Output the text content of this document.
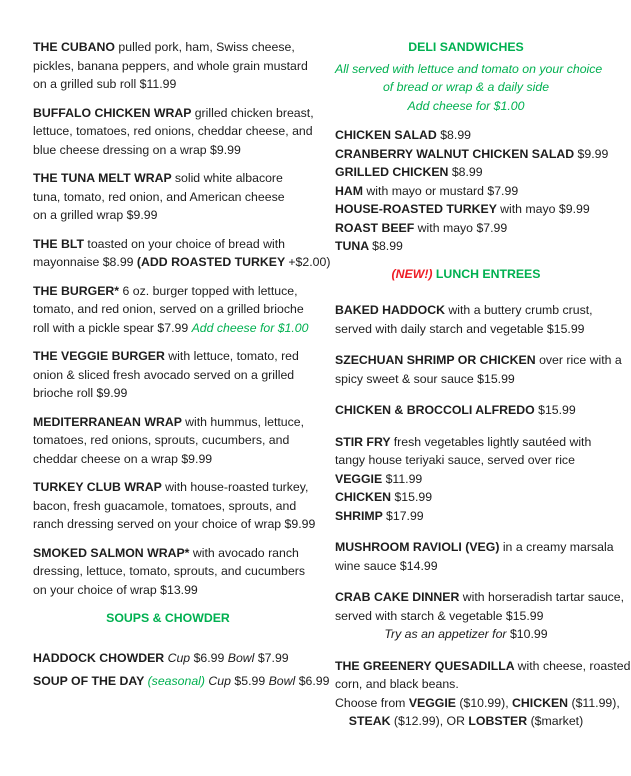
THE CUBANO pulled pork, ham, Swiss cheese,
pickles, banana peppers, and whole grain mustard
on a grilled sub roll $11.99
BUFFALO CHICKEN WRAP grilled chicken breast,
lettuce, tomatoes, red onions, cheddar cheese, and
blue cheese dressing on a wrap $9.99
THE TUNA MELT WRAP solid white albacore
tuna, tomato, red onion, and American cheese
on a grilled wrap $9.99
THE BLT toasted on your choice of bread with
mayonnaise $8.99 (ADD ROASTED TURKEY +$2.00)
THE BURGER* 6 oz. burger topped with lettuce,
tomato, and red onion, served on a grilled brioche
roll with a pickle spear $7.99 Add cheese for $1.00
THE VEGGIE BURGER with lettuce, tomato, red
onion & sliced fresh avocado served on a grilled
brioche roll $9.99
MEDITERRANEAN WRAP with hummus, lettuce,
tomatoes, red onions, sprouts, cucumbers, and
cheddar cheese on a wrap $9.99
TURKEY CLUB WRAP with house-roasted turkey,
bacon, fresh guacamole, tomatoes, sprouts, and
ranch dressing served on your choice of wrap $9.99
SMOKED SALMON WRAP* with avocado ranch
dressing, lettuce, tomato, sprouts, and cucumbers
on your choice of wrap $13.99
SOUPS & CHOWDER
HADDOCK CHOWDER Cup $6.99 Bowl $7.99
SOUP OF THE DAY (seasonal) Cup $5.99 Bowl $6.99
DELI SANDWICHES
All served with lettuce and tomato on your choice
of bread or wrap & a daily side
Add cheese for $1.00
CHICKEN SALAD $8.99
CRANBERRY WALNUT CHICKEN SALAD $9.99
GRILLED CHICKEN $8.99
HAM with mayo or mustard $7.99
HOUSE-ROASTED TURKEY with mayo $9.99
ROAST BEEF with mayo $7.99
TUNA $8.99
(NEW!) LUNCH ENTREES
BAKED HADDOCK with a buttery crumb crust,
served with daily starch and vegetable $15.99
SZECHUAN SHRIMP OR CHICKEN over rice with a
spicy sweet & sour sauce $15.99
CHICKEN & BROCCOLI ALFREDO $15.99
STIR FRY fresh vegetables lightly sautéed with
tangy house teriyaki sauce, served over rice
VEGGIE $11.99
CHICKEN $15.99
SHRIMP $17.99
MUSHROOM RAVIOLI (VEG) in a creamy marsala
wine sauce $14.99
CRAB CAKE DINNER with horseradish tartar sauce,
served with starch & vegetable $15.99
Try as an appetizer for $10.99
THE GREENERY QUESADILLA with cheese, roasted
corn, and black beans.
Choose from VEGGIE ($10.99), CHICKEN ($11.99),
STEAK ($12.99), OR LOBSTER ($market)
